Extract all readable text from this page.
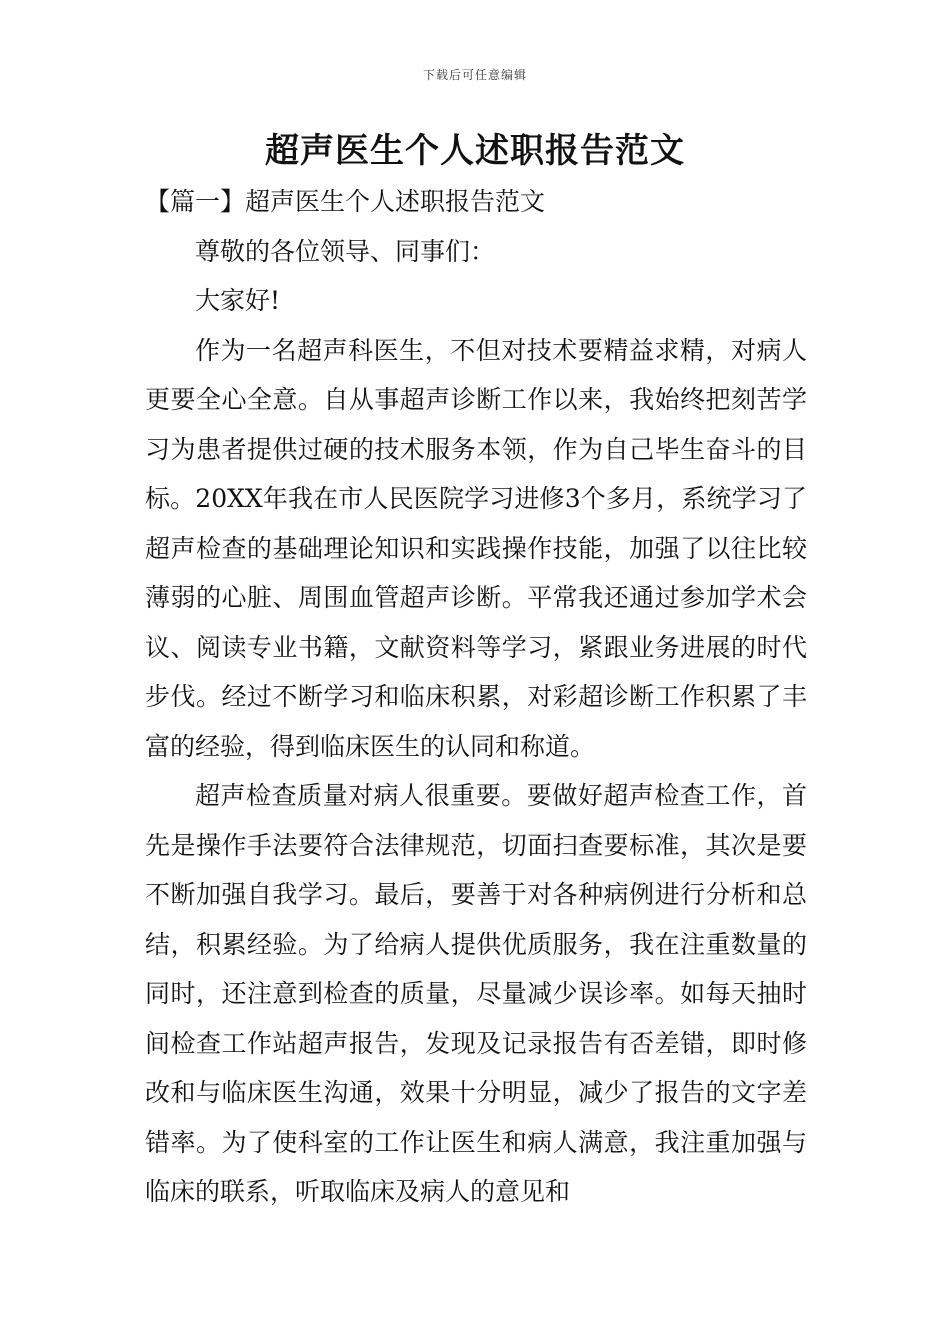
下载后可任意编辑
超声医生个人述职报告范文

【篇一】超声医生个人述职报告范文

尊敬的各位领导、同事们：

大家好!

作为一名超声科医生，不但对技术要精益求精，对病人更要全心全意。自从事超声诊断工作以来，我始终把刻苦学习为患者提供过硬的技术服务本领，作为自己毕生奋斗的目标。20XX年我在市人民医院学习进修3个多月，系统学习了超声检查的基础理论知识和实践操作技能，加强了以往比较薄弱的心脏、周围血管超声诊断。平常我还通过参加学术会议、阅读专业书籍，文献资料等学习，紧跟业务进展的时代步伐。经过不断学习和临床积累，对彩超诊断工作积累了丰富的经验，得到临床医生的认同和称道。

超声检查质量对病人很重要。要做好超声检查工作，首先是操作手法要符合法律规范，切面扫查要标准，其次是要不断加强自我学习。最后，要善于对各种病例进行分析和总结，积累经验。为了给病人提供优质服务，我在注重数量的同时，还注意到检查的质量，尽量减少误诊率。如每天抽时间检查工作站超声报告，发现及记录报告有否差错，即时修改和与临床医生沟通，效果十分明显，减少了报告的文字差错率。为了使科室的工作让医生和病人满意，我注重加强与临床的联系，听取临床及病人的意见和
